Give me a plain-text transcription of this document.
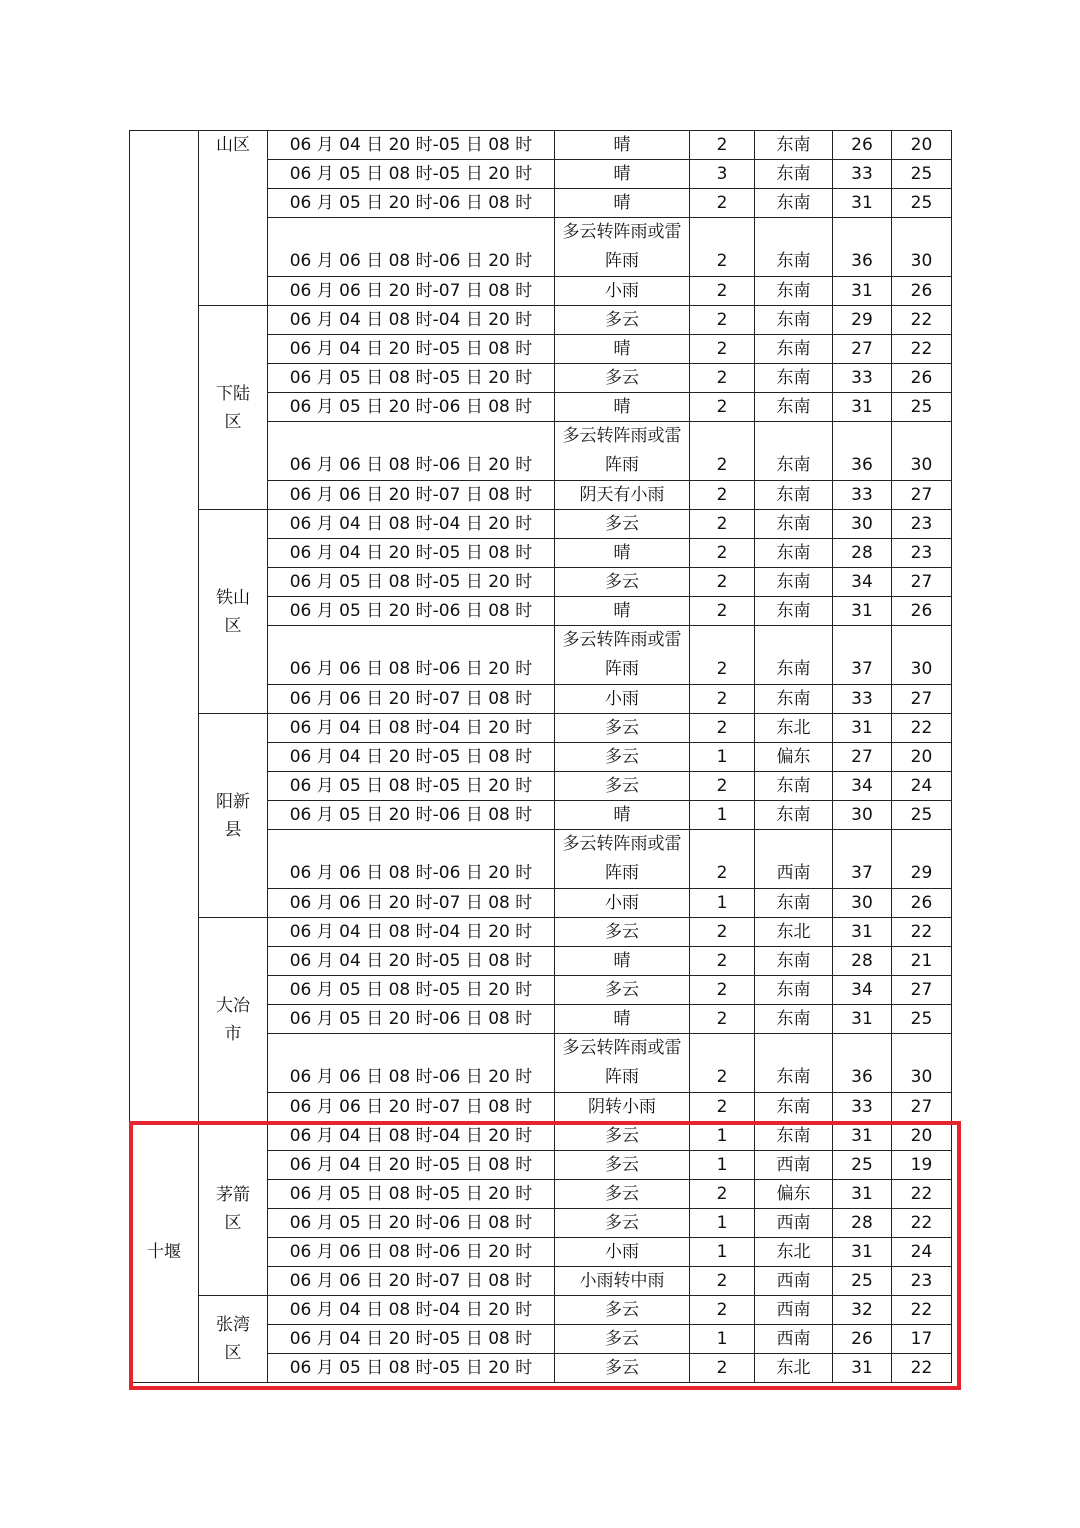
	山区	06 月 04 日 20 时-05 日 08 时	晴	2	东南	26	20
		06 月 05 日 08 时-05 日 20 时	晴	3	东南	33	25
		06 月 05 日 20 时-06 日 08 时	晴	2	东南	31	25
		06 月 06 日 08 时-06 日 20 时	多云转阵雨或雷阵雨	2	东南	36	30
		06 月 06 日 20 时-07 日 08 时	小雨	2	东南	31	26
	下陆区	06 月 04 日 08 时-04 日 20 时	多云	2	东南	29	22
		06 月 04 日 20 时-05 日 08 时	晴	2	东南	27	22
		06 月 05 日 08 时-05 日 20 时	多云	2	东南	33	26
		06 月 05 日 20 时-06 日 08 时	晴	2	东南	31	25
		06 月 06 日 08 时-06 日 20 时	多云转阵雨或雷阵雨	2	东南	36	30
		06 月 06 日 20 时-07 日 08 时	阴天有小雨	2	东南	33	27
	铁山区	06 月 04 日 08 时-04 日 20 时	多云	2	东南	30	23
		06 月 04 日 20 时-05 日 08 时	晴	2	东南	28	23
		06 月 05 日 08 时-05 日 20 时	多云	2	东南	34	27
		06 月 05 日 20 时-06 日 08 时	晴	2	东南	31	26
		06 月 06 日 08 时-06 日 20 时	多云转阵雨或雷阵雨	2	东南	37	30
		06 月 06 日 20 时-07 日 08 时	小雨	2	东南	33	27
	阳新县	06 月 04 日 08 时-04 日 20 时	多云	2	东北	31	22
		06 月 04 日 20 时-05 日 08 时	多云	1	偏东	27	20
		06 月 05 日 08 时-05 日 20 时	多云	2	东南	34	24
		06 月 05 日 20 时-06 日 08 时	晴	1	东南	30	25
		06 月 06 日 08 时-06 日 20 时	多云转阵雨或雷阵雨	2	西南	37	29
		06 月 06 日 20 时-07 日 08 时	小雨	1	东南	30	26
	大冶市	06 月 04 日 08 时-04 日 20 时	多云	2	东北	31	22
		06 月 04 日 20 时-05 日 08 时	晴	2	东南	28	21
		06 月 05 日 08 时-05 日 20 时	多云	2	东南	34	27
		06 月 05 日 20 时-06 日 08 时	晴	2	东南	31	25
		06 月 06 日 08 时-06 日 20 时	多云转阵雨或雷阵雨	2	东南	36	30
		06 月 06 日 20 时-07 日 08 时	阴转小雨	2	东南	33	27
十堰	茅箭区	06 月 04 日 08 时-04 日 20 时	多云	1	东南	31	20
		06 月 04 日 20 时-05 日 08 时	多云	1	西南	25	19
		06 月 05 日 08 时-05 日 20 时	多云	2	偏东	31	22
		06 月 05 日 20 时-06 日 08 时	多云	1	西南	28	22
		06 月 06 日 08 时-06 日 20 时	小雨	1	东北	31	24
		06 月 06 日 20 时-07 日 08 时	小雨转中雨	2	西南	25	23
	张湾区	06 月 04 日 08 时-04 日 20 时	多云	2	西南	32	22
		06 月 04 日 20 时-05 日 08 时	多云	1	西南	26	17
		06 月 05 日 08 时-05 日 20 时	多云	2	东北	31	22
